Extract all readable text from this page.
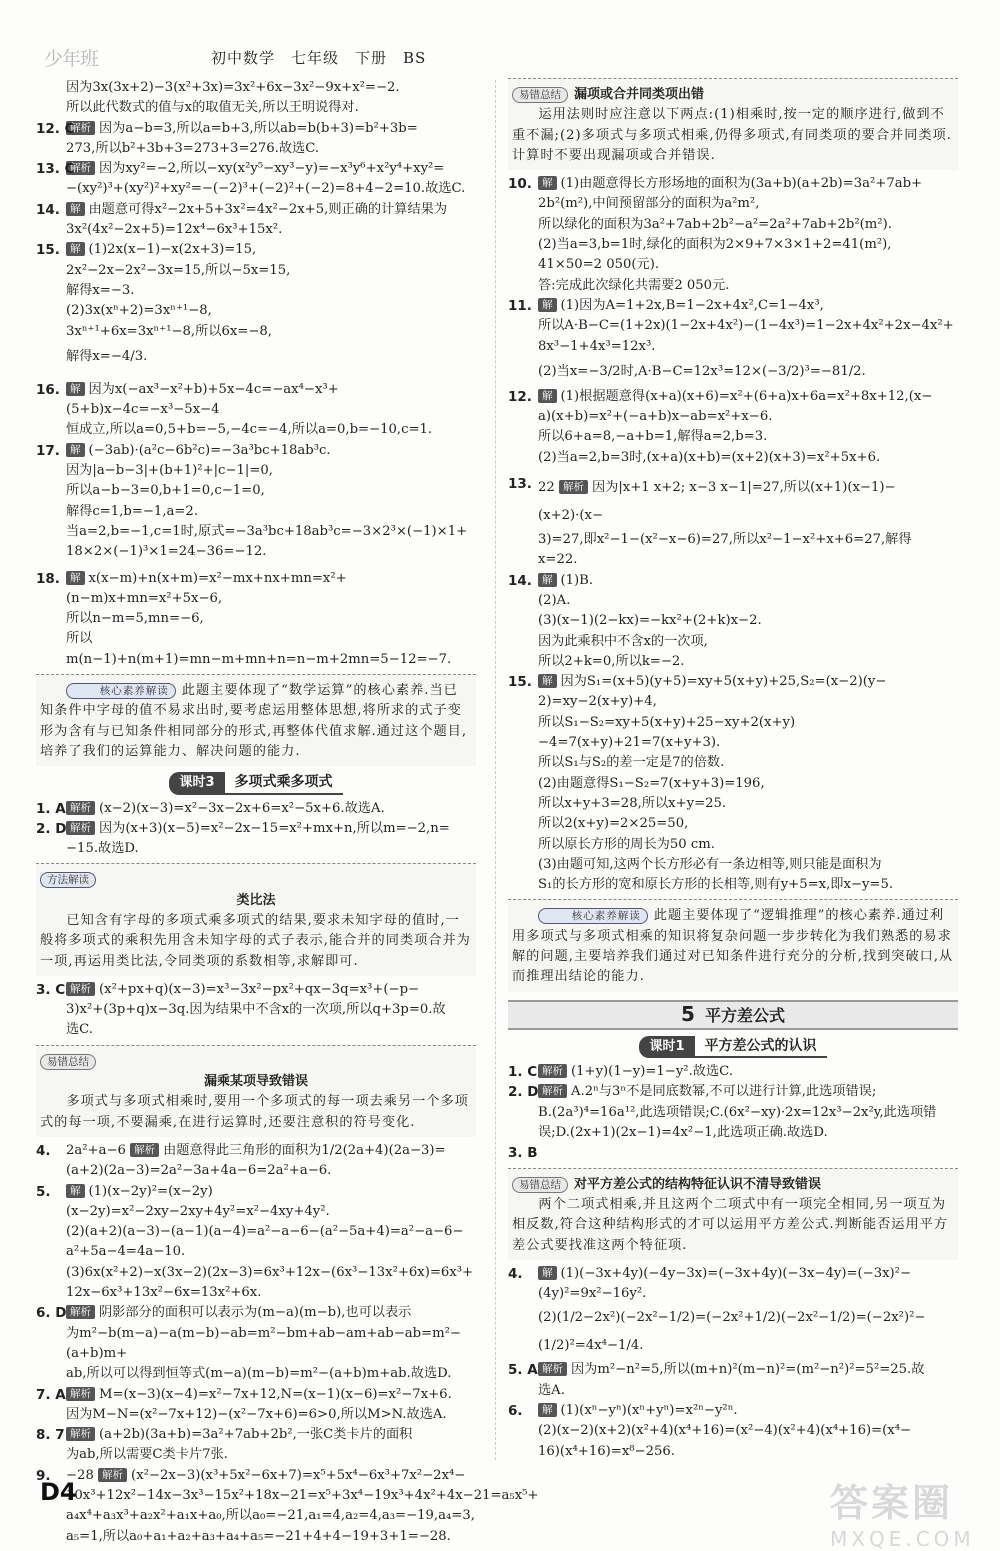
少年班	初中数学　七年级　下册　BS

因为3x(3x+2)−3(x²+3x)=3x²+6x−3x²−9x+x²=−2.

所以此代数式的值与x的取值无关,所以王明说得对.

12. C

解析 因为a−b=3,所以a=b+3,所以ab=b(b+3)=b²+3b=

273,所以b²+3b+3=273+3=276.故选C.

13. C

解析 因为xy²=−2,所以−xy(x²y⁵−xy³−y)=−x³y⁶+x²y⁴+xy²=

−(xy²)³+(xy²)²+xy²=−(−2)³+(−2)²+(−2)=8+4−2=10.故选C.

14. 解 由题意可得x²−2x+5+3x²=4x²−2x+5,则正确的计算结果为

3x²(4x²−2x+5)=12x⁴−6x³+15x².

15. 解 (1)2x(x−1)−x(2x+3)=15,

2x²−2x−2x²−3x=15,所以−5x=15,

解得x=−3.

(2)3x(xⁿ+2)=3xⁿ⁺¹−8,

3xⁿ⁺¹+6x=3xⁿ⁺¹−8,所以6x=−8,

解得x=−4/3.

16. 解 因为x(−ax³−x²+b)+5x−4c=−ax⁴−x³+(5+b)x−4c=−x³−5x−4

恒成立,所以a=0,5+b=−5,−4c=−4,所以a=0,b=−10,c=1.

17. 解 (−3ab)·(a²c−6b²c)=−3a³bc+18ab³c.

因为|a−b−3|+(b+1)²+|c−1|=0,

所以a−b−3=0,b+1=0,c−1=0,

解得c=1,b=−1,a=2.

当a=2,b=−1,c=1时,原式=−3a³bc+18ab³c=−3×2³×(−1)×1+

18×2×(−1)³×1=24−36=−12.

18. 解 x(x−m)+n(x+m)=x²−mx+nx+mn=x²+(n−m)x+mn=x²+5x−6,

所以n−m=5,mn=−6,

所以m(n−1)+n(m+1)=mn−m+mn+n=n−m+2mn=5−12=−7.

核心素养解读 此题主要体现了“数学运算”的核心素养.当已知条件中字母的值不易求出时,要考虑运用整体思想,将所求的式子变形为含有与已知条件相同部分的形式,再整体代值求解.通过这个题目,培养了我们的运算能力、解决问题的能力.

课时3 多项式乘多项式
1. A 解析 (x−2)(x−3)=x²−3x−2x+6=x²−5x+6.故选A.

2. D 解析 因为(x+3)(x−5)=x²−2x−15=x²+mx+n,所以m=−2,n=

−15.故选D.

方法解读

类比法

已知含有字母的多项式乘多项式的结果,要求未知字母的值时,一般将多项式的乘积先用含未知字母的式子表示,能合并的同类项合并为一项,再运用类比法,令同类项的系数相等,求解即可.

3. C 解析 (x²+px+q)(x−3)=x³−3x²−px²+qx−3q=x³+(−p−

3)x²+(3p+q)x−3q.因为结果中不含x的一次项,所以q+3p=0.故

选C.

易错总结

漏乘某项导致错误

多项式与多项式相乘时,要用一个多项式的每一项去乘另一个多项式的每一项,不要漏乘,在进行运算时,还要注意积的符号变化.

4. 2a²+a−6 解析 由题意得此三角形的面积为1/2(2a+4)(2a−3)=

(a+2)(2a−3)=2a²−3a+4a−6=2a²+a−6.

5.	解 (1)(x−2y)²=(x−2y)(x−2y)=x²−2xy−2xy+4y²=x²−4xy+4y².

(2)(a+2)(a−3)−(a−1)(a−4)=a²−a−6−(a²−5a+4)=a²−a−6−

a²+5a−4=4a−10.

(3)6x(x²+2)−x(3x−2)(2x−3)=6x³+12x−(6x³−13x²+6x)=6x³+

12x−6x³+13x²−6x=13x²+6x.

6. D 解析 阴影部分的面积可以表示为(m−a)(m−b),也可以表示

为m²−b(m−a)−a(m−b)−ab=m²−bm+ab−am+ab−ab=m²−(a+b)m+

ab,所以可以得到恒等式(m−a)(m−b)=m²−(a+b)m+ab.故选D.

7. A 解析 M=(x−3)(x−4)=x²−7x+12,N=(x−1)(x−6)=x²−7x+6.

因为M−N=(x²−7x+12)−(x²−7x+6)=6>0,所以M>N.故选A.

8. 7 解析 (a+2b)(3a+b)=3a²+7ab+2b²,一张C类卡片的面积

为ab,所以需要C类卡片7张.

9. −28 解析 (x²−2x−3)(x³+5x²−6x+7)=x⁵+5x⁴−6x³+7x²−2x⁴−

10x³+12x²−14x−3x³−15x²+18x−21=x⁵+3x⁴−19x³+4x²+4x−21=a₅x⁵+

a₄x⁴+a₃x³+a₂x²+a₁x+a₀,所以a₀=−21,a₁=4,a₂=4,a₃=−19,a₄=3,

a₅=1,所以a₀+a₁+a₂+a₃+a₄+a₅=−21+4+4−19+3+1=−28.

易错总结 漏项或合并同类项出错

运用法则时应注意以下两点:(1)相乘时,按一定的顺序进行,做到不重不漏;(2)多项式与多项式相乘,仍得多项式,有同类项的要合并同类项.计算时不要出现漏项或合并错误.

10. 解 (1)由题意得长方形场地的面积为(3a+b)(a+2b)=3a²+7ab+

2b²(m²),中间预留部分的面积为a²m²,

所以绿化的面积为3a²+7ab+2b²−a²=2a²+7ab+2b²(m²).

(2)当a=3,b=1时,绿化的面积为2×9+7×3×1+2=41(m²),

41×50=2 050(元).

答:完成此次绿化共需要2 050元.

11. 解 (1)因为A=1+2x,B=1−2x+4x²,C=1−4x³,

所以A·B−C=(1+2x)(1−2x+4x²)−(1−4x³)=1−2x+4x²+2x−4x²+

8x³−1+4x³=12x³.

(2)当x=−3/2时,A·B−C=12x³=12×(−3/2)³=−81/2.

12. 解 (1)根据题意得(x+a)(x+6)=x²+(6+a)x+6a=x²+8x+12,(x−

a)(x+b)=x²+(−a+b)x−ab=x²+x−6.

所以6+a=8,−a+b=1,解得a=2,b=3.

(2)当a=2,b=3时,(x+a)(x+b)=(x+2)(x+3)=x²+5x+6.

13. 22 解析 因为|x+1 x+2; x−3 x−1|=27,所以(x+1)(x−1)−(x+2)·(x−

3)=27,即x²−1−(x²−x−6)=27,所以x²−1−x²+x+6=27,解得

x=22.

14. 解 (1)B.

(2)A.

(3)(x−1)(2−kx)=−kx²+(2+k)x−2.

因为此乘积中不含x的一次项,

所以2+k=0,所以k=−2.

15. 解 因为S₁=(x+5)(y+5)=xy+5(x+y)+25,S₂=(x−2)(y−

2)=xy−2(x+y)+4,

所以S₁−S₂=xy+5(x+y)+25−xy+2(x+y)−4=7(x+y)+21=7(x+y+3).

所以S₁与S₂的差一定是7的倍数.

(2)由题意得S₁−S₂=7(x+y+3)=196,

所以x+y+3=28,所以x+y=25.

所以2(x+y)=2×25=50,

所以原长方形的周长为50 cm.

(3)由题可知,这两个长方形必有一条边相等,则只能是面积为

S₁的长方形的宽和原长方形的长相等,则有y+5=x,即x−y=5.

核心素养解读 此题主要体现了“逻辑推理”的核心素养.通过利用多项式与多项式相乘的知识将复杂问题一步步转化为我们熟悉的易求解的问题,主要培养我们通过对已知条件进行充分的分析,找到突破口,从而推理出结论的能力.

5 平方差公式
课时1 平方差公式的认识
1. C 解析 (1+y)(1−y)=1−y².故选C.

2. D 解析 A.2ⁿ与3ⁿ不是同底数幂,不可以进行计算,此选项错误;

B.(2a³)⁴=16a¹²,此选项错误;C.(6x²−xy)·2x=12x³−2x²y,此选项错

误;D.(2x+1)(2x−1)=4x²−1,此选项正确.故选D.

3. B

易错总结 对平方差公式的结构特征认识不清导致错误

两个二项式相乘,并且这两个二项式中有一项完全相同,另一项互为相反数,符合这种结构形式的才可以运用平方差公式.判断能否运用平方差公式要找准这两个特征项.

4.	解 (1)(−3x+4y)(−4y−3x)=(−3x+4y)(−3x−4y)=(−3x)²−

(4y)²=9x²−16y².

(2)(1/2−2x²)(−2x²−1/2)=(−2x²+1/2)(−2x²−1/2)=(−2x²)²−

(1/2)²=4x⁴−1/4.

5. A 解析 因为m²−n²=5,所以(m+n)²(m−n)²=(m²−n²)²=5²=25.故

选A.

6.	解 (1)(xⁿ−yⁿ)(xⁿ+yⁿ)=x²ⁿ−y²ⁿ.

(2)(x−2)(x+2)(x²+4)(x⁴+16)=(x²−4)(x²+4)(x⁴+16)=(x⁴−

16)(x⁴+16)=x⁸−256.

D4	答案圈
MXQE.COM
